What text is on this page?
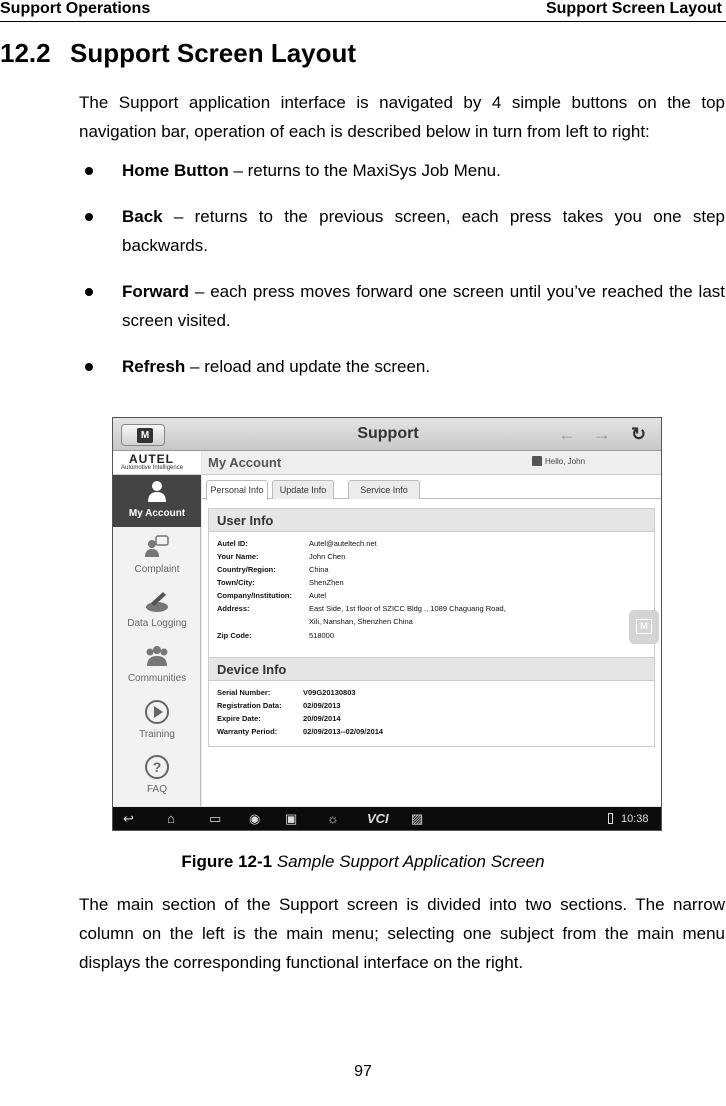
Support Operations	Support Screen Layout
12.2 Support Screen Layout

The Support application interface is navigated by 4 simple buttons on the top navigation bar, operation of each is described below in turn from left to right:

Home Button – returns to the MaxiSys Job Menu.
Back – returns to the previous screen, each press takes you one step backwards.
Forward – each press moves forward one screen until you’ve reached the last screen visited.
Refresh – reload and update the screen.
M	Support	← → ↻
AUTEL
Automotive Intelligence
My Account
Complaint
Data Logging
Communities
Training
?
FAQ
My Account	Hello, John
Personal Info	Update Info	Service Info
User Info
Autel ID:	Autel@auteltech.net
Your Name:	John Chen
Country/Region:	China
Town/City:	ShenZhen
Company/Institution: Autel
Address:	East Side, 1st floor of SZICC Bldg ., 1089 Chaguang Road,
Xili, Nanshan, Shenzhen China
Zip Code:	518000
Device Info
Serial Number:	V09G20130803
Registration Data:	02/09/2013
Expire Date:	20/09/2014
Warranty Period:	02/09/2013--02/09/2014
M
↩	⌂	▭ ◉ ▣ ☼ VCI ▨	10:38
Figure 12-1 Sample Support Application Screen

The main section of the Support screen is divided into two sections. The narrow column on the left is the main menu; selecting one subject from the main menu displays the corresponding functional interface on the right.

97
